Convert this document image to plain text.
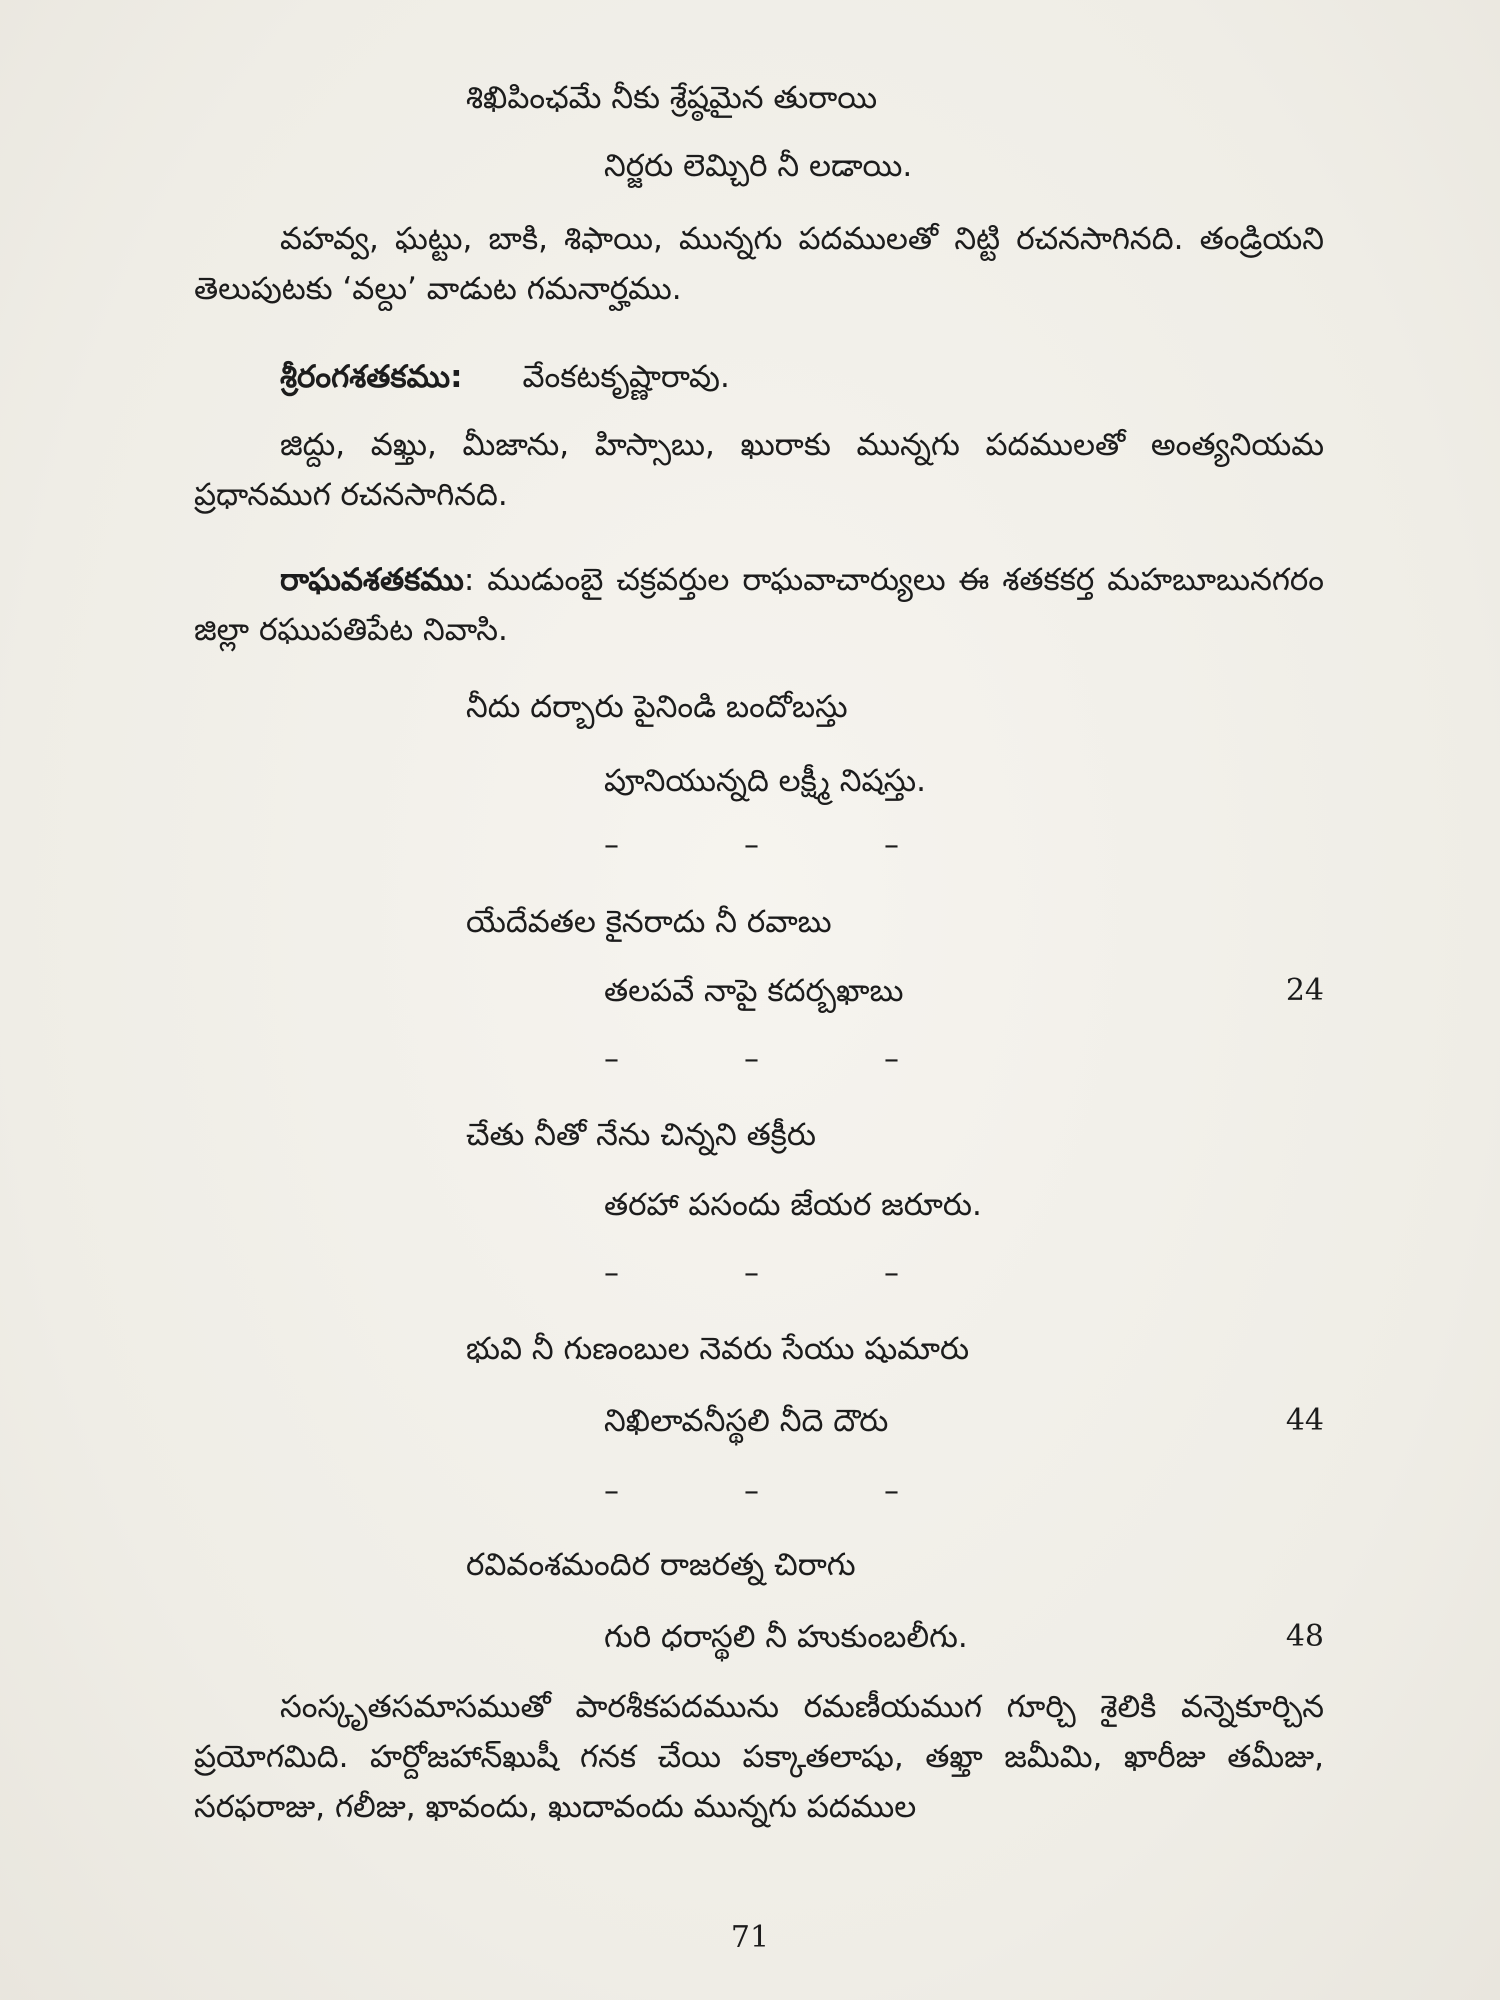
శిఖిపింఛమే నీకు శ్రేష్ఠమైన తురాయి
నిర్జరు లెమ్చిరి నీ లడాయి.
వహవ్వ, ఘట్టు, బాకి, శిఫాయి, మున్నగు పదములతో నిట్టి రచనసాగినది. తండ్రియని తెలుపుటకు ‘వల్దు’ వాడుట గమనార్హము.
శ్రీరంగశతకము: వేంకటకృష్ణారావు.
జిద్దు, వఖ్తు, మీజాను, హిస్సాబు, ఖురాకు మున్నగు పదములతో అంత్యనియమ ప్రధానముగ రచనసాగినది.
రాఘవశతకము: ముడుంబై చక్రవర్తుల రాఘవాచార్యులు ఈ శతకకర్త మహబూబునగరం జిల్లా రఘుపతిపేట నివాసి.
నీదు దర్బారు పైనిండి బందోబస్తు
పూనియున్నది లక్ష్మీ నిషస్తు.
–	–	–
యేదేవతల కైనరాదు నీ రవాబు
తలపవే నాపై కదర్బఖాబు	24
–	–	–
చేతు నీతో నేను చిన్నని తక్రీరు
తరహా పసందు జేయర జరూరు.
–	–	–
భువి నీ గుణంబుల నెవరు సేయు షుమారు
నిఖిలావనీస్థలి నీదె దౌరు	44
–	–	–
రవివంశమందిర రాజరత్న చిరాగు
గురి ధరాస్థలి నీ హుకుంబలీగు.	48
సంస్కృతసమాసముతో పారశీకపదమును రమణీయముగ గూర్చి శైలికి వన్నెకూర్చిన ప్రయోగమిది. హర్దోజహాన్‌ఖుషీ గనక చేయి పక్కాతలాషు, తఖ్తా జమీమి, ఖారీజు తమీజు, సరఫరాజు, గలీజు, ఖావందు, ఖుదావందు మున్నగు పదముల
71
